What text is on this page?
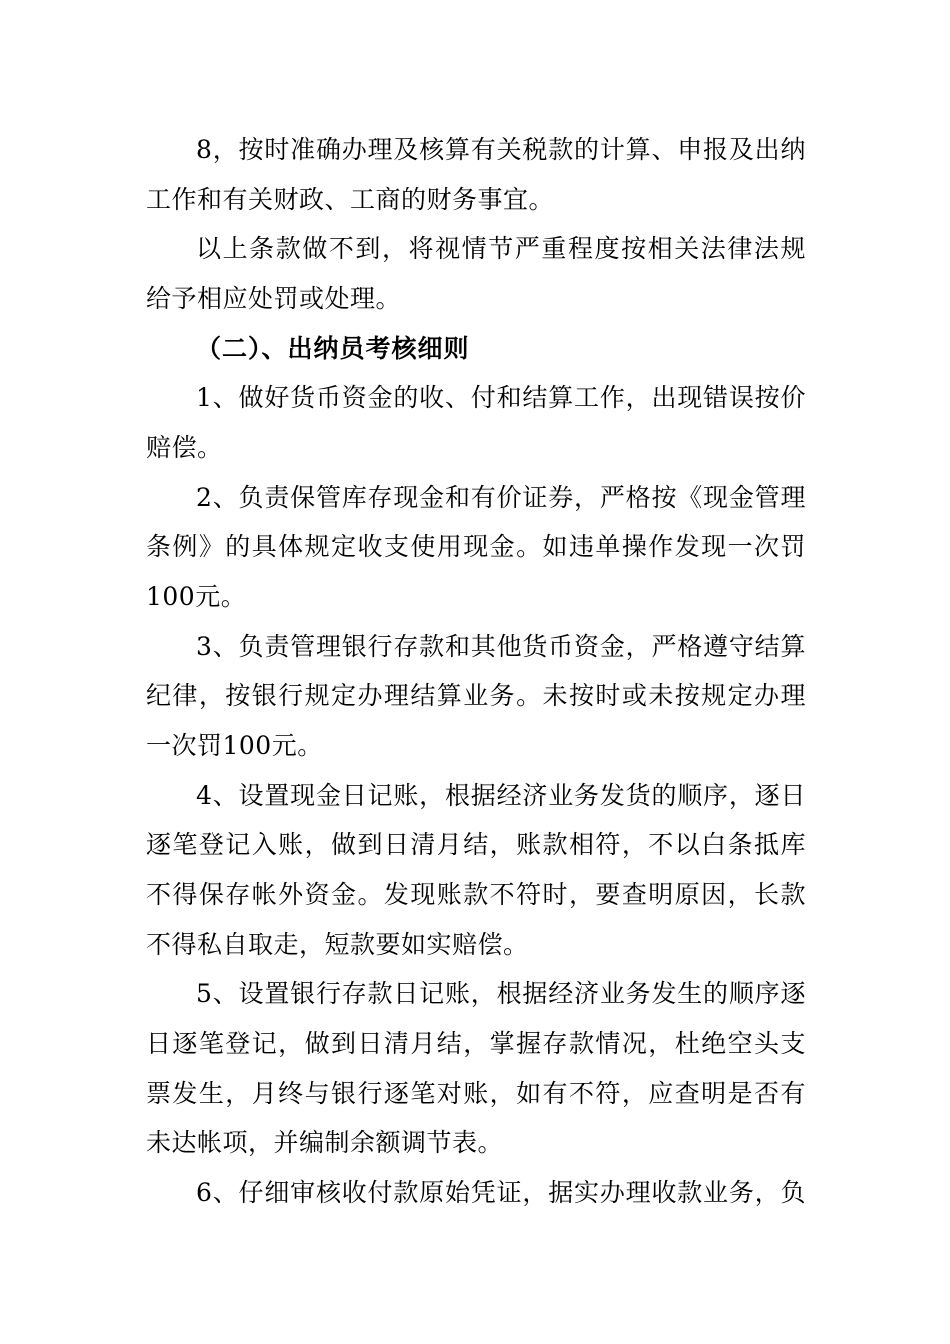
8，按时准确办理及核算有关税款的计算、申报及出纳
工作和有关财政、工商的财务事宜。
以上条款做不到，将视情节严重程度按相关法律法规
给予相应处罚或处理。
（二）、出纳员考核细则
1、做好货币资金的收、付和结算工作，出现错误按价
赔偿。
2、负责保管库存现金和有价证券，严格按《现金管理
条例》的具体规定收支使用现金。如违单操作发现一次罚
100元。
3、负责管理银行存款和其他货币资金，严格遵守结算
纪律，按银行规定办理结算业务。未按时或未按规定办理
一次罚100元。
4、设置现金日记账，根据经济业务发货的顺序，逐日
逐笔登记入账，做到日清月结，账款相符，不以白条抵库
不得保存帐外资金。发现账款不符时，要查明原因，长款
不得私自取走，短款要如实赔偿。
5、设置银行存款日记账，根据经济业务发生的顺序逐
日逐笔登记，做到日清月结，掌握存款情况，杜绝空头支
票发生，月终与银行逐笔对账，如有不符，应查明是否有
未达帐项，并编制余额调节表。
6、仔细审核收付款原始凭证，据实办理收款业务，负
